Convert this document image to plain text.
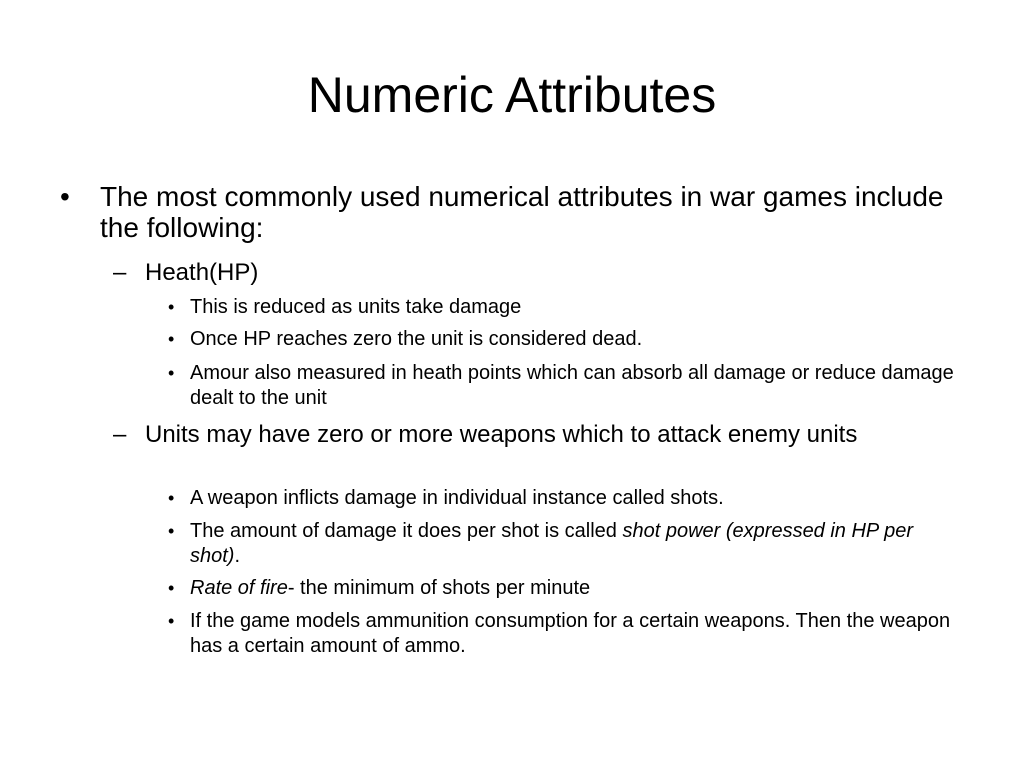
Numeric Attributes
•	The most commonly used numerical attributes in war games include the following:
– Heath(HP)
• This is reduced as units take damage
• Once HP reaches zero the unit is considered dead.
• Amour also measured in heath points which can absorb all damage or reduce damage dealt to the unit
– Units may have zero or more weapons which to attack enemy units
• A weapon inflicts damage in individual instance called shots.
• The amount of damage it does per shot is called shot power (expressed in HP per shot).
• Rate of fire- the minimum of shots per minute
• If the game models ammunition consumption for a certain weapons. Then the weapon has a certain amount of ammo.
